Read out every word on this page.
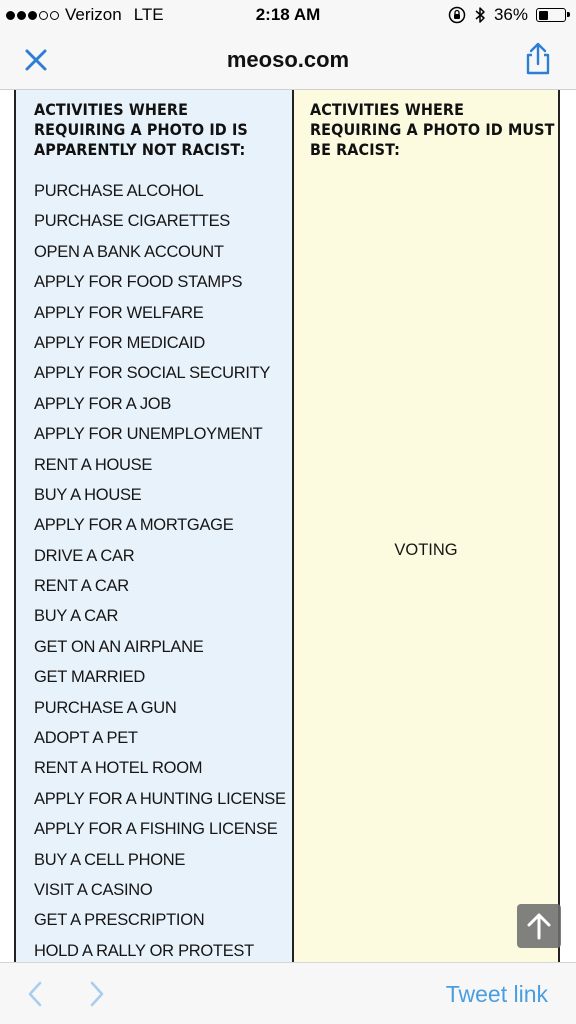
Verizon LTE	2:18 AM	36%
meoso.com
ACTIVITIES WHERE REQUIRING A PHOTO ID IS APPARENTLY NOT RACIST:
PURCHASE ALCOHOL
PURCHASE CIGARETTES
OPEN A BANK ACCOUNT
APPLY FOR FOOD STAMPS
APPLY FOR WELFARE
APPLY FOR MEDICAID
APPLY FOR SOCIAL SECURITY
APPLY FOR A JOB
APPLY FOR UNEMPLOYMENT
RENT A HOUSE
BUY A HOUSE
APPLY FOR A MORTGAGE
DRIVE A CAR
RENT A CAR
BUY A CAR
GET ON AN AIRPLANE
GET MARRIED
PURCHASE A GUN
ADOPT A PET
RENT A HOTEL ROOM
APPLY FOR A HUNTING LICENSE
APPLY FOR A FISHING LICENSE
BUY A CELL PHONE
VISIT A CASINO
GET A PRESCRIPTION
HOLD A RALLY OR PROTEST
ACTIVITIES WHERE REQUIRING A PHOTO ID MUST BE RACIST:
VOTING
Tweet link
